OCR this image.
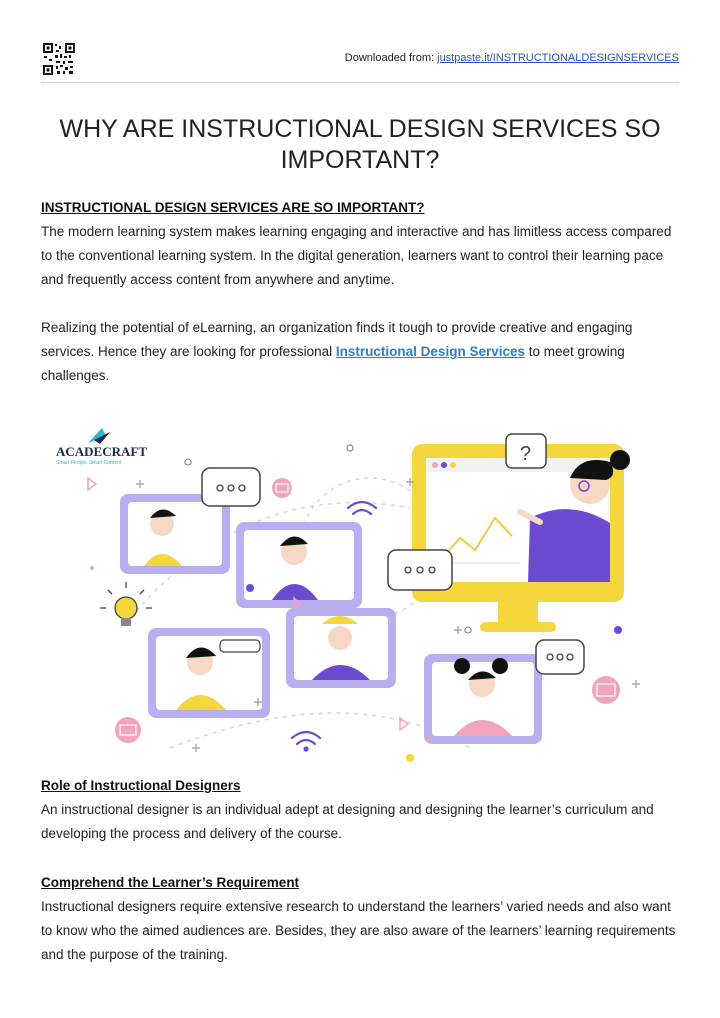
Downloaded from: justpaste.it/INSTRUCTIONALDESIGNSERVICES
WHY ARE INSTRUCTIONAL DESIGN SERVICES SO IMPORTANT?
INSTRUCTIONAL DESIGN SERVICES ARE SO IMPORTANT?

The modern learning system makes learning engaging and interactive and has limitless access compared to the conventional learning system. In the digital generation, learners want to control their learning pace and frequently access content from anywhere and anytime.

Realizing the potential of eLearning, an organization finds it tough to provide creative and engaging services. Hence they are looking for professional Instructional Design Services to meet growing challenges.

ACADECRAFT
Smart People. Smart Content	?
Role of Instructional Designers

An instructional designer is an individual adept at designing and designing the learner’s curriculum and developing the process and delivery of the course.

Comprehend the Learner’s Requirement

Instructional designers require extensive research to understand the learners’ varied needs and also want to know who the aimed audiences are. Besides, they are also aware of the learners’ learning requirements and the purpose of the training.
